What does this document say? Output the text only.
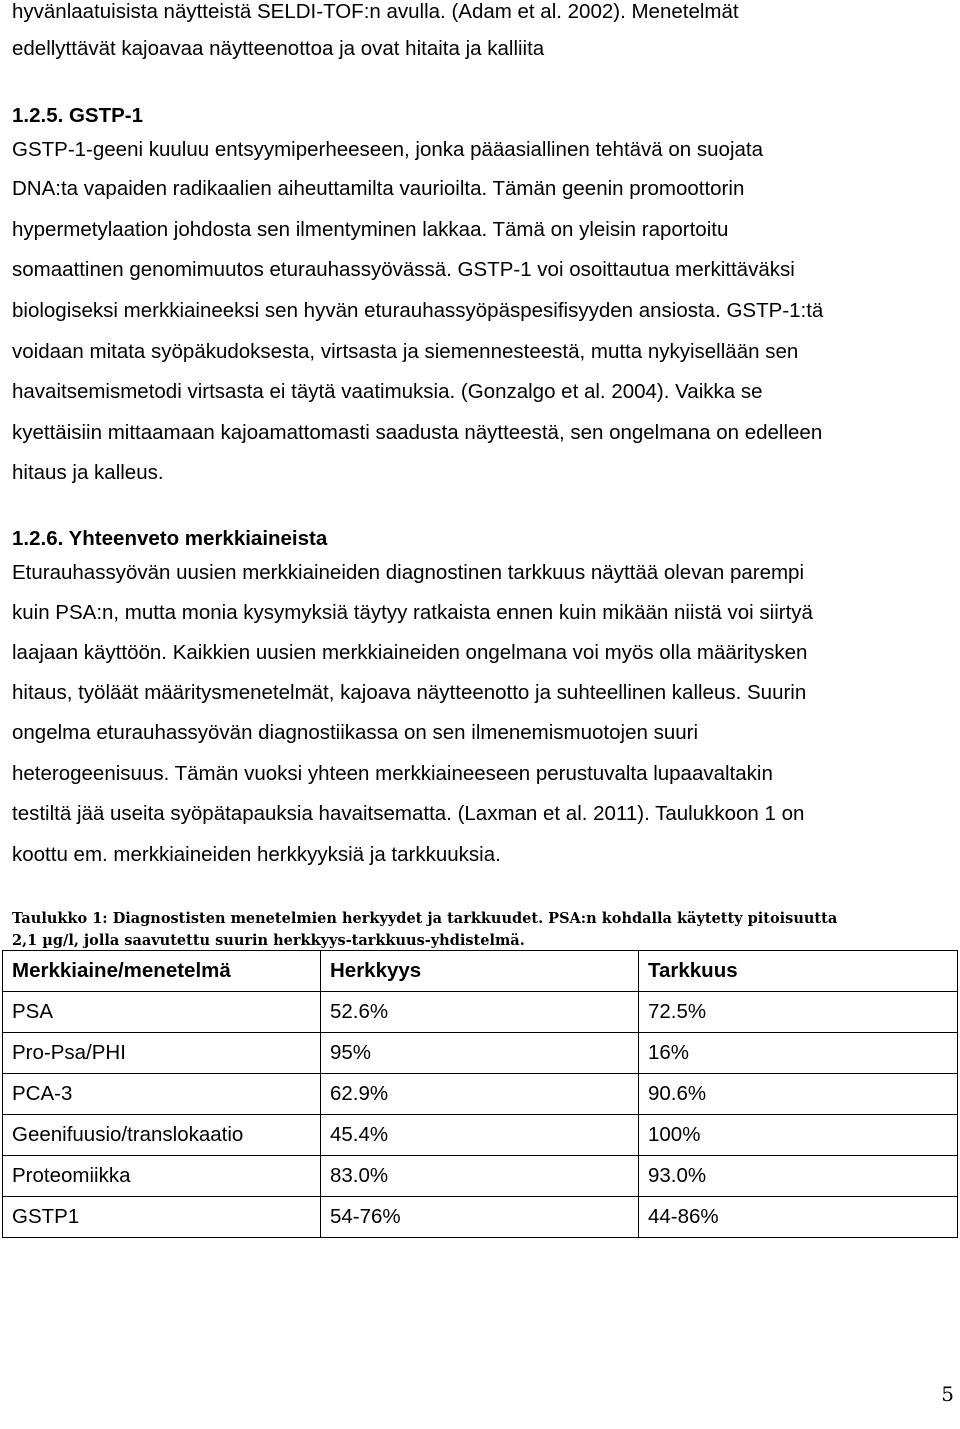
hyvänlaatuisista näytteistä SELDI-TOF:n avulla. (Adam et al. 2002). Menetelmät
edellyttävät kajoavaa näytteenottoa ja ovat hitaita ja kalliita
1.2.5. GSTP-1
GSTP-1-geeni kuuluu entsyymiperheeseen, jonka pääasiallinen tehtävä on suojata
DNA:ta vapaiden radikaalien aiheuttamilta vaurioilta. Tämän geenin promoottorin
hypermetylaation johdosta sen ilmentyminen lakkaa. Tämä on yleisin raportoitu
somaattinen genomimuutos eturauhassyövässä. GSTP-1 voi osoittautua merkittäväksi
biologiseksi merkkiaineeksi sen hyvän eturauhassyöpäspesifisyyden ansiosta. GSTP-1:tä
voidaan mitata syöpäkudoksesta, virtsasta ja siemennesteestä, mutta nykyisellään sen
havaitsemismetodi virtsasta ei täytä vaatimuksia. (Gonzalgo et al. 2004). Vaikka se
kyettäisiin mittaamaan kajoamattomasti saadusta näytteestä, sen ongelmana on edelleen
hitaus ja kalleus.
1.2.6. Yhteenveto merkkiaineista
Eturauhassyövän uusien merkkiaineiden diagnostinen tarkkuus näyttää olevan parempi
kuin PSA:n, mutta monia kysymyksiä täytyy ratkaista ennen kuin mikään niistä voi siirtyä
laajaan käyttöön. Kaikkien uusien merkkiaineiden ongelmana voi myös olla määritysken
hitaus, työläät määritysmenetelmät, kajoava näytteenotto ja suhteellinen kalleus. Suurin
ongelma eturauhassyövän diagnostiikassa on sen ilmenemismuotojen suuri
heterogeenisuus. Tämän vuoksi yhteen merkkiaineeseen perustuvalta lupaavaltakin
testiltä jää useita syöpätapauksia havaitsematta. (Laxman et al. 2011). Taulukkoon 1 on
koottu em. merkkiaineiden herkkyyksiä ja tarkkuuksia.
Taulukko 1: Diagnostisten menetelmien herkyydet ja tarkkuudet. PSA:n kohdalla käytetty pitoisuutta
2,1 µg/l, jolla saavutettu suurin herkkyys-tarkkuus-yhdistelmä.
Merkkiaine/menetelmä	Herkkyys	Tarkkuus
PSA	52.6%	72.5%
Pro-Psa/PHI	95%	16%
PCA-3	62.9%	90.6%
Geenifuusio/translokaatio	45.4%	100%
Proteomiikka	83.0%	93.0%
GSTP1	54-76%	44-86%
5
